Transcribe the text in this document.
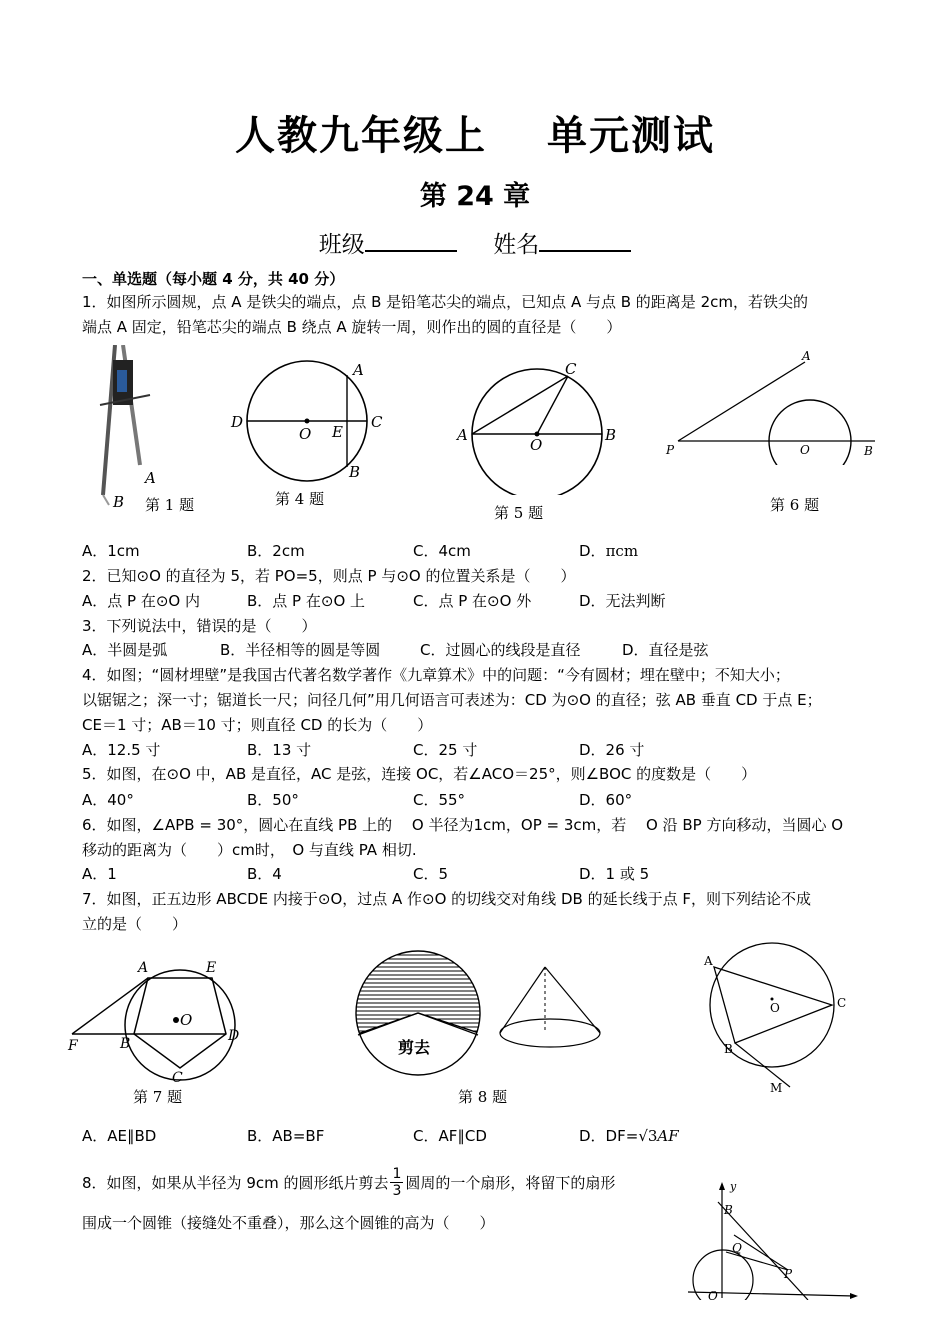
人教九年级上 单元测试
第 24 章
班级	姓名
一、单选题（每小题 4 分，共 40 分）
1．如图所示圆规，点 A 是铁尖的端点，点 B 是铅笔芯尖的端点，已知点 A 与点 B 的距离是 2cm，若铁尖的
端点 A 固定，铅笔芯尖的端点 B 绕点 A 旋转一周，则作出的圆的直径是（　　）
A
B 第 1 题
A
D
O E
C
B
第 4 题
C
A
O
B
第 5 题
A
P	O	B
第 6 题
A．1cm	B．2cm	C．4cm	D．πcm
2．已知⊙O 的直径为 5，若 PO=5，则点 P 与⊙O 的位置关系是（　　）
A．点 P 在⊙O 内	B．点 P 在⊙O 上	C．点 P 在⊙O 外	D．无法判断
3．下列说法中，错误的是（　　）
A．半圆是弧	B．半径相等的圆是等圆	C．过圆心的线段是直径	D．直径是弦
4．如图；“圆材埋壁”是我国古代著名数学著作《九章算术》中的问题：“今有圆材；埋在壁中；不知大小；
以锯锯之；深一寸；锯道长一尺；问径几何”用几何语言可表述为：CD 为⊙O 的直径；弦 AB 垂直 CD 于点 E；
CE＝1 寸；AB＝10 寸；则直径 CD 的长为（　　）
A．12.5 寸	B．13 寸	C．25 寸	D．26 寸
5．如图，在⊙O 中，AB 是直径，AC 是弦，连接 OC，若∠ACO＝25°，则∠BOC 的度数是（　　）
A．40°	B．50°	C．55°	D．60°
6．如图，∠APB = 30°，圆心在直线 PB 上的 　O 半径为1cm，OP = 3cm，若 　O 沿 BP 方向移动，当圆心 O
移动的距离为（　　）cm时，　O 与直线 PA 相切.
A．1	B．4	C．5	D．1 或 5
7．如图，正五边形 ABCDE 内接于⊙O，过点 A 作⊙O 的切线交对角线 DB 的延长线于点 F，则下列结论不成
立的是（　　）
A	E
O
F	B	D
C
第 7 题
剪去
第 8 题
A
O	C
B
M
A．AE∥BD	B．AB=BF	C．AF∥CD	D．DF=√3AF
8．如图，如果从半径为 9cm 的圆形纸片剪去 $\frac{1}{3}$ 圆周的一个扇形，将留下的扇形
围成一个圆锥（接缝处不重叠），那么这个圆锥的高为（　　）
y
B
Q
P
O
